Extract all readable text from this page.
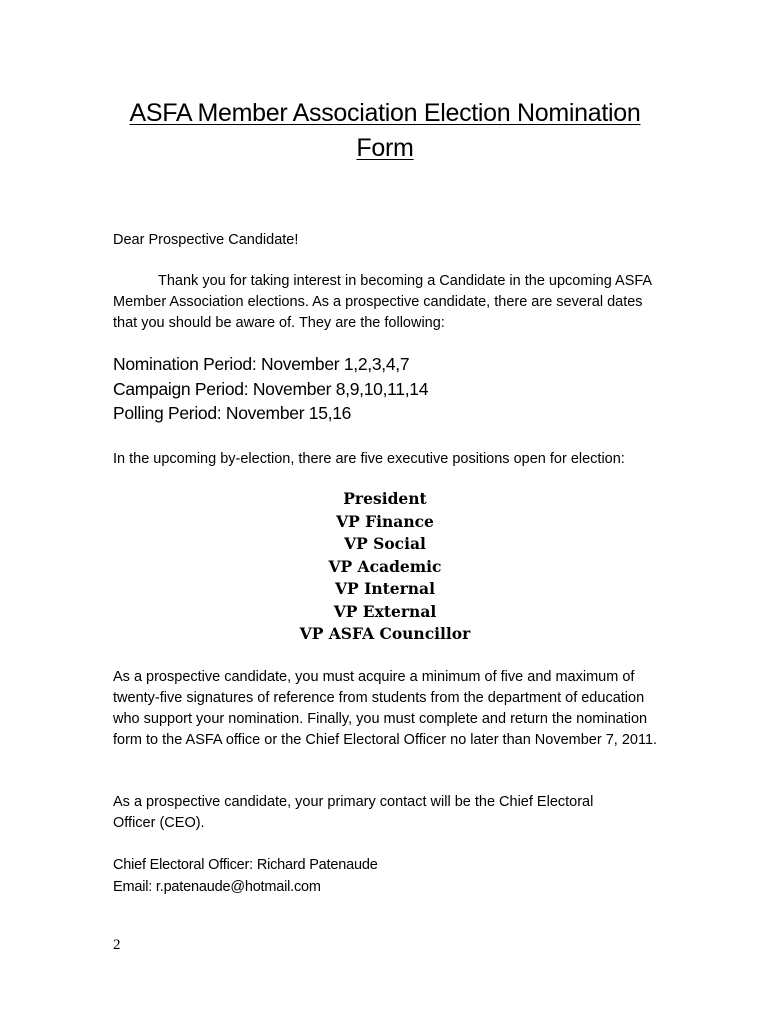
ASFA Member Association Election Nomination
Form
Dear Prospective Candidate!

Thank you for taking interest in becoming a Candidate in the upcoming ASFA Member Association elections. As a prospective candidate, there are several dates that you should be aware of. They are the following:

Nomination Period: November 1,2,3,4,7
Campaign Period: November 8,9,10,11,14
Polling Period: November 15,16
In the upcoming by-election, there are five executive positions open for election:
President
VP Finance
VP Social
VP Academic
VP Internal
VP External
VP ASFA Councillor

As a prospective candidate, you must acquire a minimum of five and maximum of twenty-five signatures of reference from students from the department of education who support your nomination. Finally, you must complete and return the nomination form to the ASFA office or the Chief Electoral Officer no later than November 7, 2011.

As a prospective candidate, your primary contact will be the Chief Electoral Officer (CEO).

Chief Electoral Officer: Richard Patenaude
Email: r.patenaude@hotmail.com
2
